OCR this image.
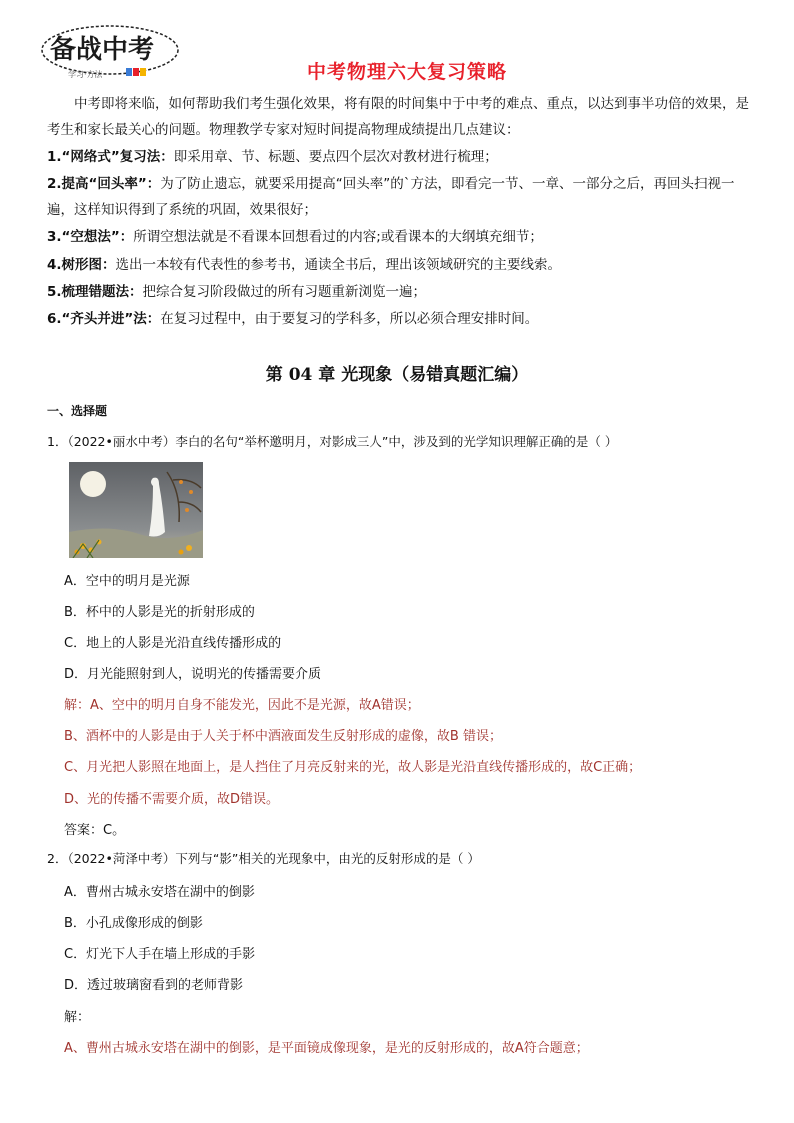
备战中考
学习·方法	中考物理六大复习策略

中考即将来临，如何帮助我们考生强化效果，将有限的时间集中于中考的难点、重点，以达到事半功倍的效果，是考生和家长最关心的问题。物理教学专家对短时间提高物理成绩提出几点建议：

1.“网络式”复习法：即采用章、节、标题、要点四个层次对教材进行梳理；

2.提高“回头率”：为了防止遗忘，就要采用提高“回头率”的`方法，即看完一节、一章、一部分之后，再回头扫视一遍，这样知识得到了系统的巩固，效果很好；

3.“空想法”：所谓空想法就是不看课本回想看过的内容;或看课本的大纲填充细节；

4.树形图：选出一本较有代表性的参考书，通读全书后，理出该领域研究的主要线索。

5.梳理错题法：把综合复习阶段做过的所有习题重新浏览一遍；

6.“齐头并进”法：在复习过程中，由于要复习的学科多，所以必须合理安排时间。

第 04 章 光现象（易错真题汇编）
一、选择题
1．（2022•丽水中考）李白的名句“举杯邀明月，对影成三人”中，涉及到的光学知识理解正确的是（ ）
A．空中的明月是光源
B．杯中的人影是光的折射形成的
C．地上的人影是光沿直线传播形成的
D．月光能照射到人，说明光的传播需要介质
解：A、空中的明月自身不能发光，因此不是光源，故A错误；
B、酒杯中的人影是由于人关于杯中酒液面发生反射形成的虚像，故B 错误；
C、月光把人影照在地面上，是人挡住了月亮反射来的光，故人影是光沿直线传播形成的，故C正确；
D、光的传播不需要介质，故D错误。
答案：C。
2．（2022•菏泽中考）下列与“影”相关的光现象中，由光的反射形成的是（ ）
A．曹州古城永安塔在湖中的倒影
B．小孔成像形成的倒影
C．灯光下人手在墙上形成的手影
D．透过玻璃窗看到的老师背影
解：
A、曹州古城永安塔在湖中的倒影，是平面镜成像现象，是光的反射形成的，故A符合题意；
